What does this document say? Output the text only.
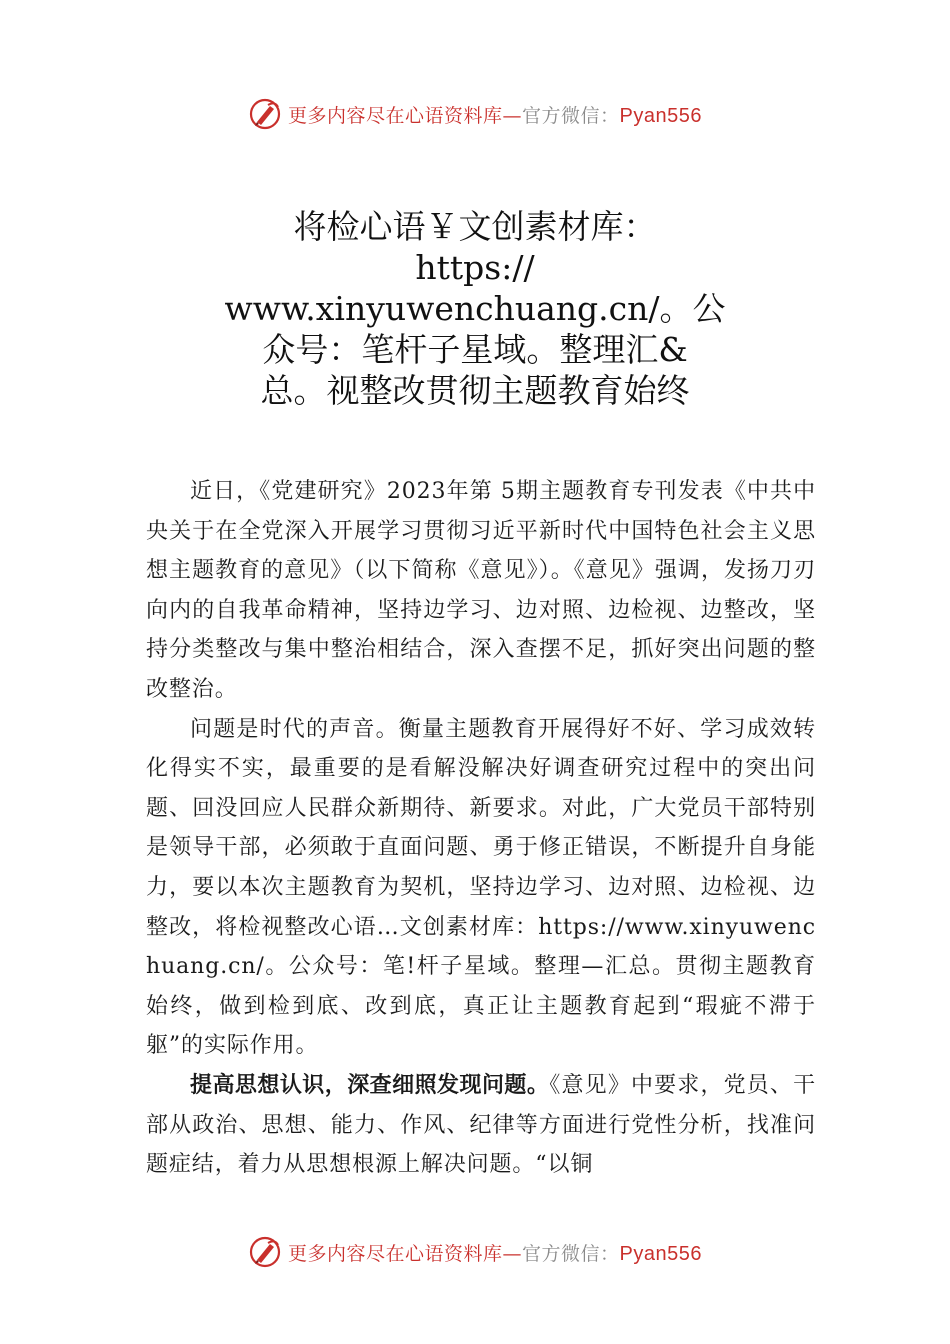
更多内容尽在心语资料库—官方微信：Pyan556
将检心语￥文创素材库：
https://
www.xinyuwenchuang.cn/。公
众号：笔杆子星域。整理汇&
总。视整改贯彻主题教育始终

近日，《党建研究》2023年第 5期主题教育专刊发表《中共中央关于在全党深入开展学习贯彻习近平新时代中国特色社会主义思想主题教育的意见》（以下简称《意见》）。《意见》强调，发扬刀刃向内的自我革命精神，坚持边学习、边对照、边检视、边整改，坚持分类整改与集中整治相结合，深入查摆不足，抓好突出问题的整改整治。

问题是时代的声音。衡量主题教育开展得好不好、学习成效转化得实不实，最重要的是看解没解决好调查研究过程中的突出问题、回没回应人民群众新期待、新要求。对此，广大党员干部特别是领导干部，必须敢于直面问题、勇于修正错误，不断提升自身能力，要以本次主题教育为契机，坚持边学习、边对照、边检视、边整改，将检视整改心语…文创素材库：https://www.xinyuwenchuang.cn/。公众号：笔!杆子星域。整理—汇总。贯彻主题教育始终，做到检到底、改到底，真正让主题教育起到“瑕疵不滞于躯”的实际作用。

提高思想认识，深查细照发现问题。《意见》中要求，党员、干部从政治、思想、能力、作风、纪律等方面进行党性分析，找准问题症结，着力从思想根源上解决问题。“以铜

更多内容尽在心语资料库—官方微信：Pyan556
